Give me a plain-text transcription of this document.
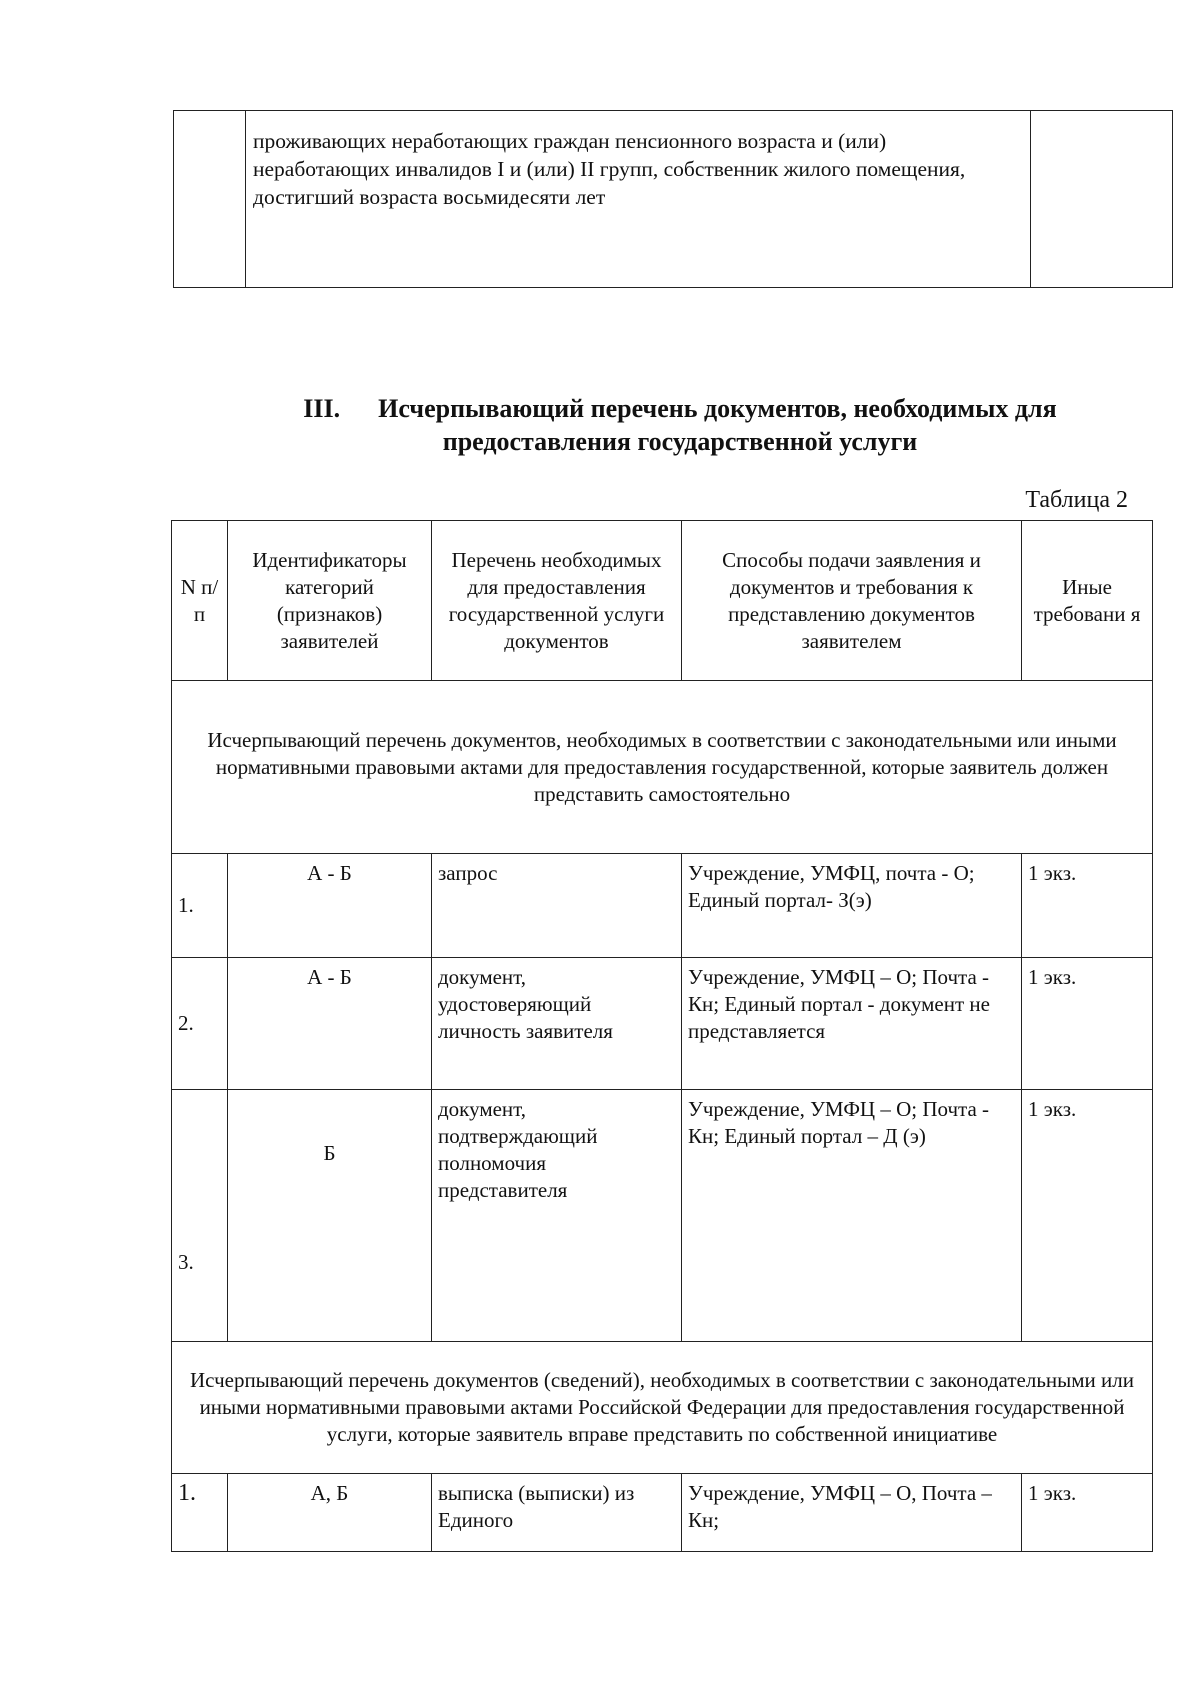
проживающих неработающих граждан пенсионного возраста и (или) неработающих инвалидов I и (или) II групп, собственник жилого помещения, достигший возраста восьмидесяти лет
III. Исчерпывающий перечень документов, необходимых для
предоставления государственной услуги
Таблица 2
N п/п	Идентификаторы категорий (признаков) заявителей	Перечень необходимых для предоставления государственной услуги документов	Способы подачи заявления и документов и требования к представлению документов заявителем	Иные требовани я
Исчерпывающий перечень документов, необходимых в соответствии с законодательными или иными нормативными правовыми актами для предоставления государственной, которые заявитель должен представить самостоятельно				
1.	А - Б	запрос	Учреждение, УМФЦ, почта - О; Единый портал- З(э)	1 экз.
2.	А - Б	документ, удостоверяющий личность заявителя	Учреждение, УМФЦ – О; Почта - Кн; Единый портал - документ не представляется	1 экз.
3.	Б	документ, подтверждающий полномочия представителя	Учреждение, УМФЦ – О; Почта - Кн; Единый портал – Д (э)	1 экз.
Исчерпывающий перечень документов (сведений), необходимых в соответствии с законодательными или иными нормативными правовыми актами Российской Федерации для предоставления государственной услуги, которые заявитель вправе представить по собственной инициативе				
1.	А, Б	выписка (выписки) из Единого	Учреждение, УМФЦ – О, Почта – Кн;	1 экз.
